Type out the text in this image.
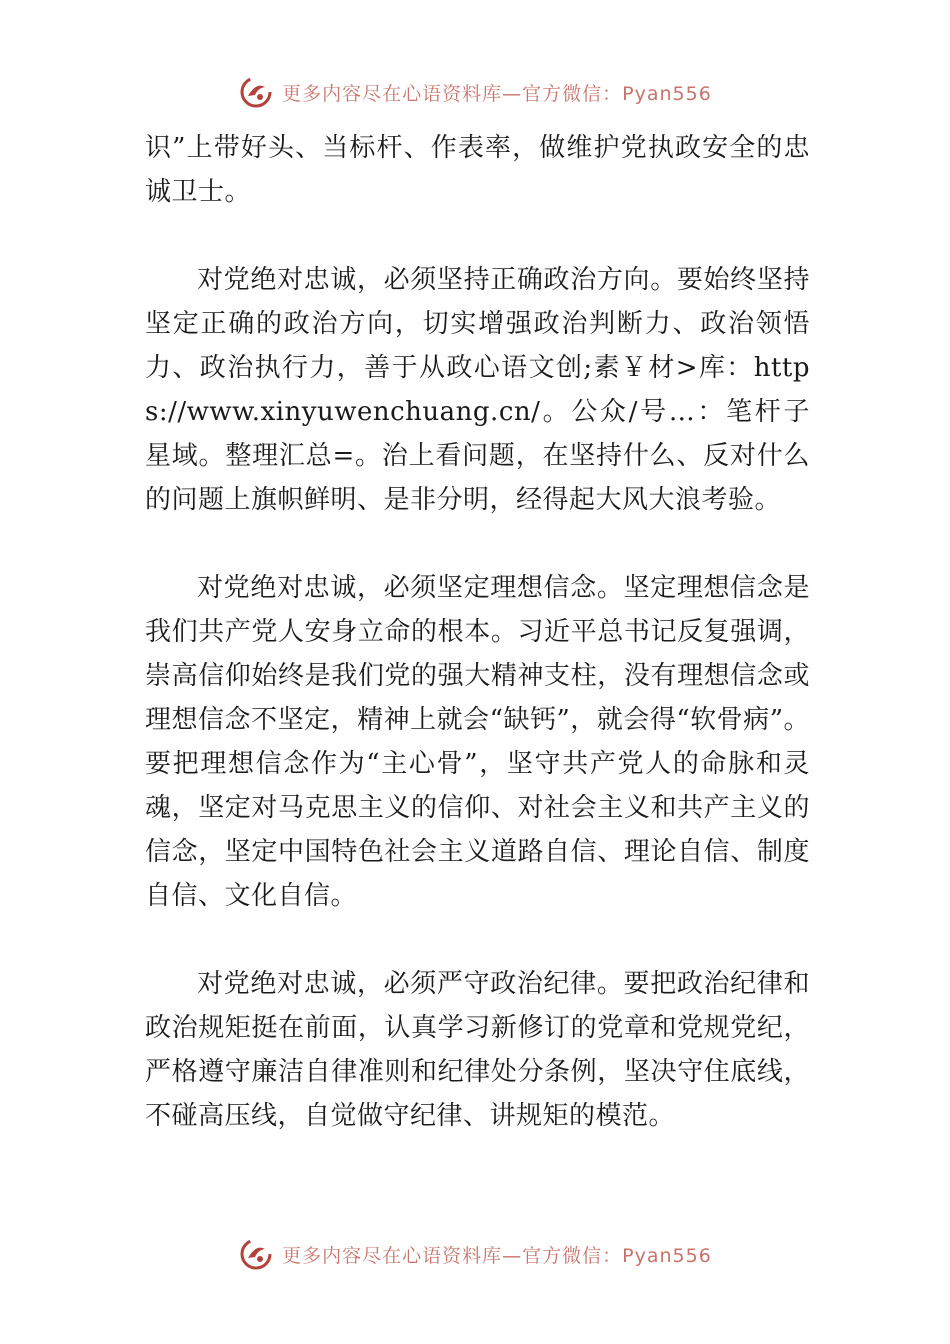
更多内容尽在心语资料库—官方微信：Pyan556

识”上带好头、当标杆、作表率，做维护党执政安全的忠诚卫士。

对党绝对忠诚，必须坚持正确政治方向。要始终坚持坚定正确的政治方向，切实增强政治判断力、政治领悟力、政治执行力，善于从政心语文创;素￥材>库：https://www.xinyuwenchuang.cn/。公众/号…：笔杆子星域。整理汇总=。治上看问题，在坚持什么、反对什么的问题上旗帜鲜明、是非分明，经得起大风大浪考验。

对党绝对忠诚，必须坚定理想信念。坚定理想信念是我们共产党人安身立命的根本。习近平总书记反复强调，崇高信仰始终是我们党的强大精神支柱，没有理想信念或理想信念不坚定，精神上就会“缺钙”，就会得“软骨病”。要把理想信念作为“主心骨”，坚守共产党人的命脉和灵魂，坚定对马克思主义的信仰、对社会主义和共产主义的信念，坚定中国特色社会主义道路自信、理论自信、制度自信、文化自信。

对党绝对忠诚，必须严守政治纪律。要把政治纪律和政治规矩挺在前面，认真学习新修订的党章和党规党纪，严格遵守廉洁自律准则和纪律处分条例，坚决守住底线，不碰高压线，自觉做守纪律、讲规矩的模范。

更多内容尽在心语资料库—官方微信：Pyan556
